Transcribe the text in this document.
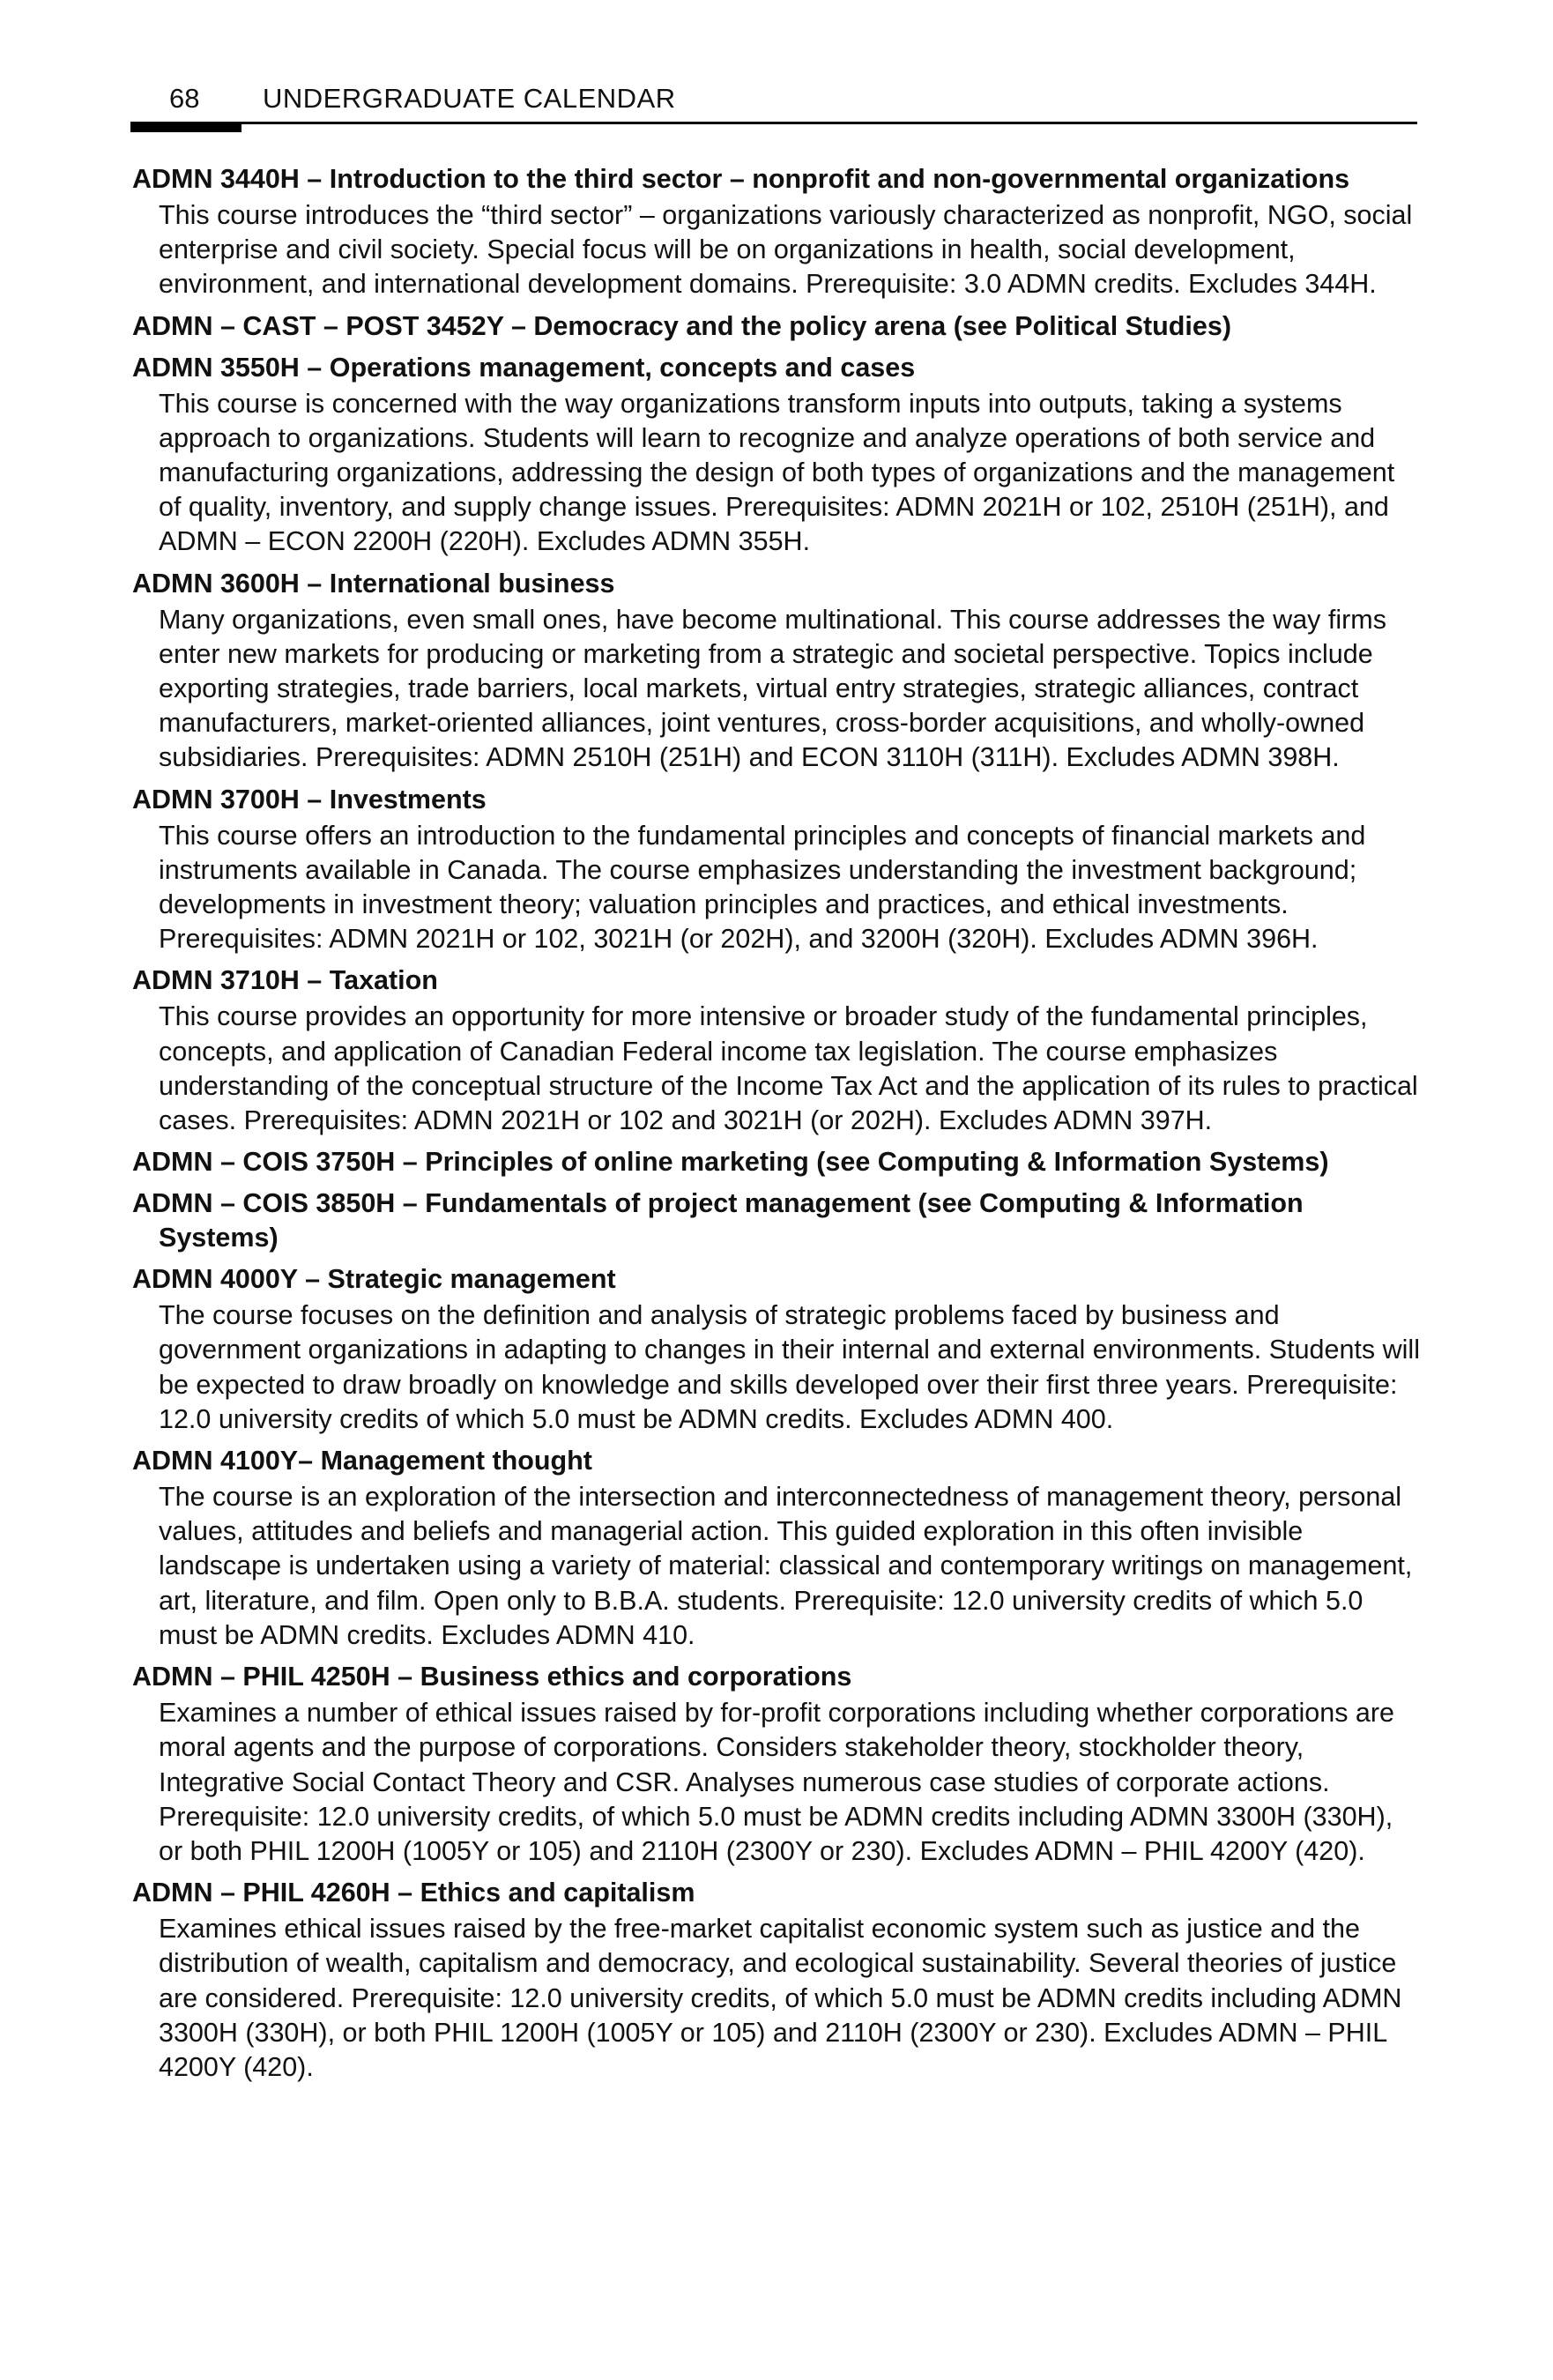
68 UNDERGRADUATE CALENDAR

ADMN 3440H – Introduction to the third sector – nonprofit and non-governmental organizations

This course introduces the “third sector” – organizations variously characterized as nonprofit, NGO, social enterprise and civil society. Special focus will be on organizations in health, social development, environment, and international development domains. Prerequisite: 3.0 ADMN credits. Excludes 344H.

ADMN – CAST – POST 3452Y – Democracy and the policy arena (see Political Studies)

ADMN 3550H – Operations management, concepts and cases

This course is concerned with the way organizations transform inputs into outputs, taking a systems approach to organizations. Students will learn to recognize and analyze operations of both service and manufacturing organizations, addressing the design of both types of organizations and the management of quality, inventory, and supply change issues. Prerequisites: ADMN 2021H or 102, 2510H (251H), and ADMN – ECON 2200H (220H). Excludes ADMN 355H.

ADMN 3600H – International business

Many organizations, even small ones, have become multinational. This course addresses the way firms enter new markets for producing or marketing from a strategic and societal perspective. Topics include exporting strategies, trade barriers, local markets, virtual entry strategies, strategic alliances, contract manufacturers, market-oriented alliances, joint ventures, cross-border acquisitions, and wholly-owned subsidiaries. Prerequisites: ADMN 2510H (251H) and ECON 3110H (311H). Excludes ADMN 398H.

ADMN 3700H – Investments

This course offers an introduction to the fundamental principles and concepts of financial markets and instruments available in Canada. The course emphasizes understanding the investment background; developments in investment theory; valuation principles and practices, and ethical investments. Prerequisites: ADMN 2021H or 102, 3021H (or 202H), and 3200H (320H). Excludes ADMN 396H.

ADMN 3710H – Taxation

This course provides an opportunity for more intensive or broader study of the fundamental principles, concepts, and application of Canadian Federal income tax legislation. The course emphasizes understanding of the conceptual structure of the Income Tax Act and the application of its rules to practical cases. Prerequisites: ADMN 2021H or 102 and 3021H (or 202H). Excludes ADMN 397H.

ADMN – COIS 3750H – Principles of online marketing (see Computing & Information Systems)

ADMN – COIS 3850H – Fundamentals of project management (see Computing & Information Systems)

ADMN 4000Y – Strategic management

The course focuses on the definition and analysis of strategic problems faced by business and government organizations in adapting to changes in their internal and external environments. Students will be expected to draw broadly on knowledge and skills developed over their first three years. Prerequisite: 12.0 university credits of which 5.0 must be ADMN credits. Excludes ADMN 400.

ADMN 4100Y– Management thought

The course is an exploration of the intersection and interconnectedness of management theory, personal values, attitudes and beliefs and managerial action. This guided exploration in this often invisible landscape is undertaken using a variety of material: classical and contemporary writings on management, art, literature, and film. Open only to B.B.A. students. Prerequisite: 12.0 university credits of which 5.0 must be ADMN credits. Excludes ADMN 410.

ADMN – PHIL 4250H – Business ethics and corporations

Examines a number of ethical issues raised by for-profit corporations including whether corporations are moral agents and the purpose of corporations. Considers stakeholder theory, stockholder theory, Integrative Social Contact Theory and CSR. Analyses numerous case studies of corporate actions. Prerequisite: 12.0 university credits, of which 5.0 must be ADMN credits including ADMN 3300H (330H), or both PHIL 1200H (1005Y or 105) and 2110H (2300Y or 230). Excludes ADMN – PHIL 4200Y (420).

ADMN – PHIL 4260H – Ethics and capitalism

Examines ethical issues raised by the free-market capitalist economic system such as justice and the distribution of wealth, capitalism and democracy, and ecological sustainability. Several theories of justice are considered. Prerequisite: 12.0 university credits, of which 5.0 must be ADMN credits including ADMN 3300H (330H), or both PHIL 1200H (1005Y or 105) and 2110H (2300Y or 230). Excludes ADMN – PHIL 4200Y (420).
